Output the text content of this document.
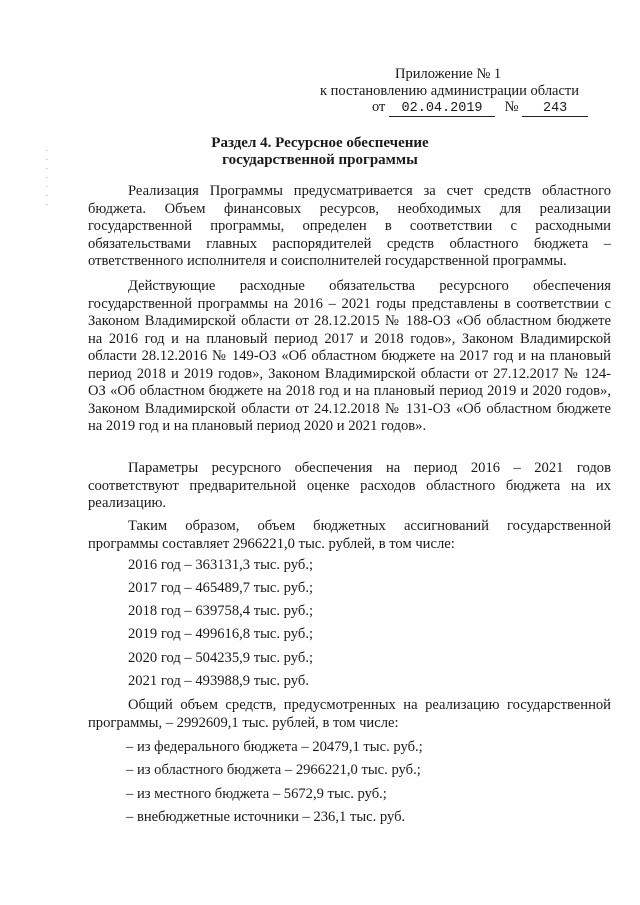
Приложение № 1
к постановлению администрации области
от 02.04.2019 № 243
Раздел 4. Ресурсное обеспечение
государственной программы
Реализация Программы предусматривается за счет средств областного бюджета. Объем финансовых ресурсов, необходимых для реализации государственной программы, определен в соответствии с расходными обязательствами главных распорядителей средств областного бюджета – ответственного исполнителя и соисполнителей государственной программы.
Действующие расходные обязательства ресурсного обеспечения государственной программы на 2016 – 2021 годы представлены в соответствии с Законом Владимирской области от 28.12.2015 № 188-ОЗ «Об областном бюджете на 2016 год и на плановый период 2017 и 2018 годов», Законом Владимирской области 28.12.2016 № 149-ОЗ «Об областном бюджете на 2017 год и на плановый период 2018 и 2019 годов», Законом Владимирской области от 27.12.2017 № 124-ОЗ «Об областном бюджете на 2018 год и на плановый период 2019 и 2020 годов», Законом Владимирской области от 24.12.2018 № 131-ОЗ «Об областном бюджете на 2019 год и на плановый период 2020 и 2021 годов».
Параметры ресурсного обеспечения на период 2016 – 2021 годов соответствуют предварительной оценке расходов областного бюджета на их реализацию.
Таким образом, объем бюджетных ассигнований государственной программы составляет 2966221,0 тыс. рублей, в том числе:
2016 год – 363131,3 тыс. руб.;
2017 год – 465489,7 тыс. руб.;
2018 год – 639758,4 тыс. руб.;
2019 год – 499616,8 тыс. руб.;
2020 год – 504235,9 тыс. руб.;
2021 год – 493988,9 тыс. руб.
Общий объем средств, предусмотренных на реализацию государственной программы, – 2992609,1 тыс. рублей, в том числе:
– из федерального бюджета – 20479,1 тыс. руб.;
– из областного бюджета – 2966221,0 тыс. руб.;
– из местного бюджета – 5672,9 тыс. руб.;
– внебюджетные источники – 236,1 тыс. руб.
